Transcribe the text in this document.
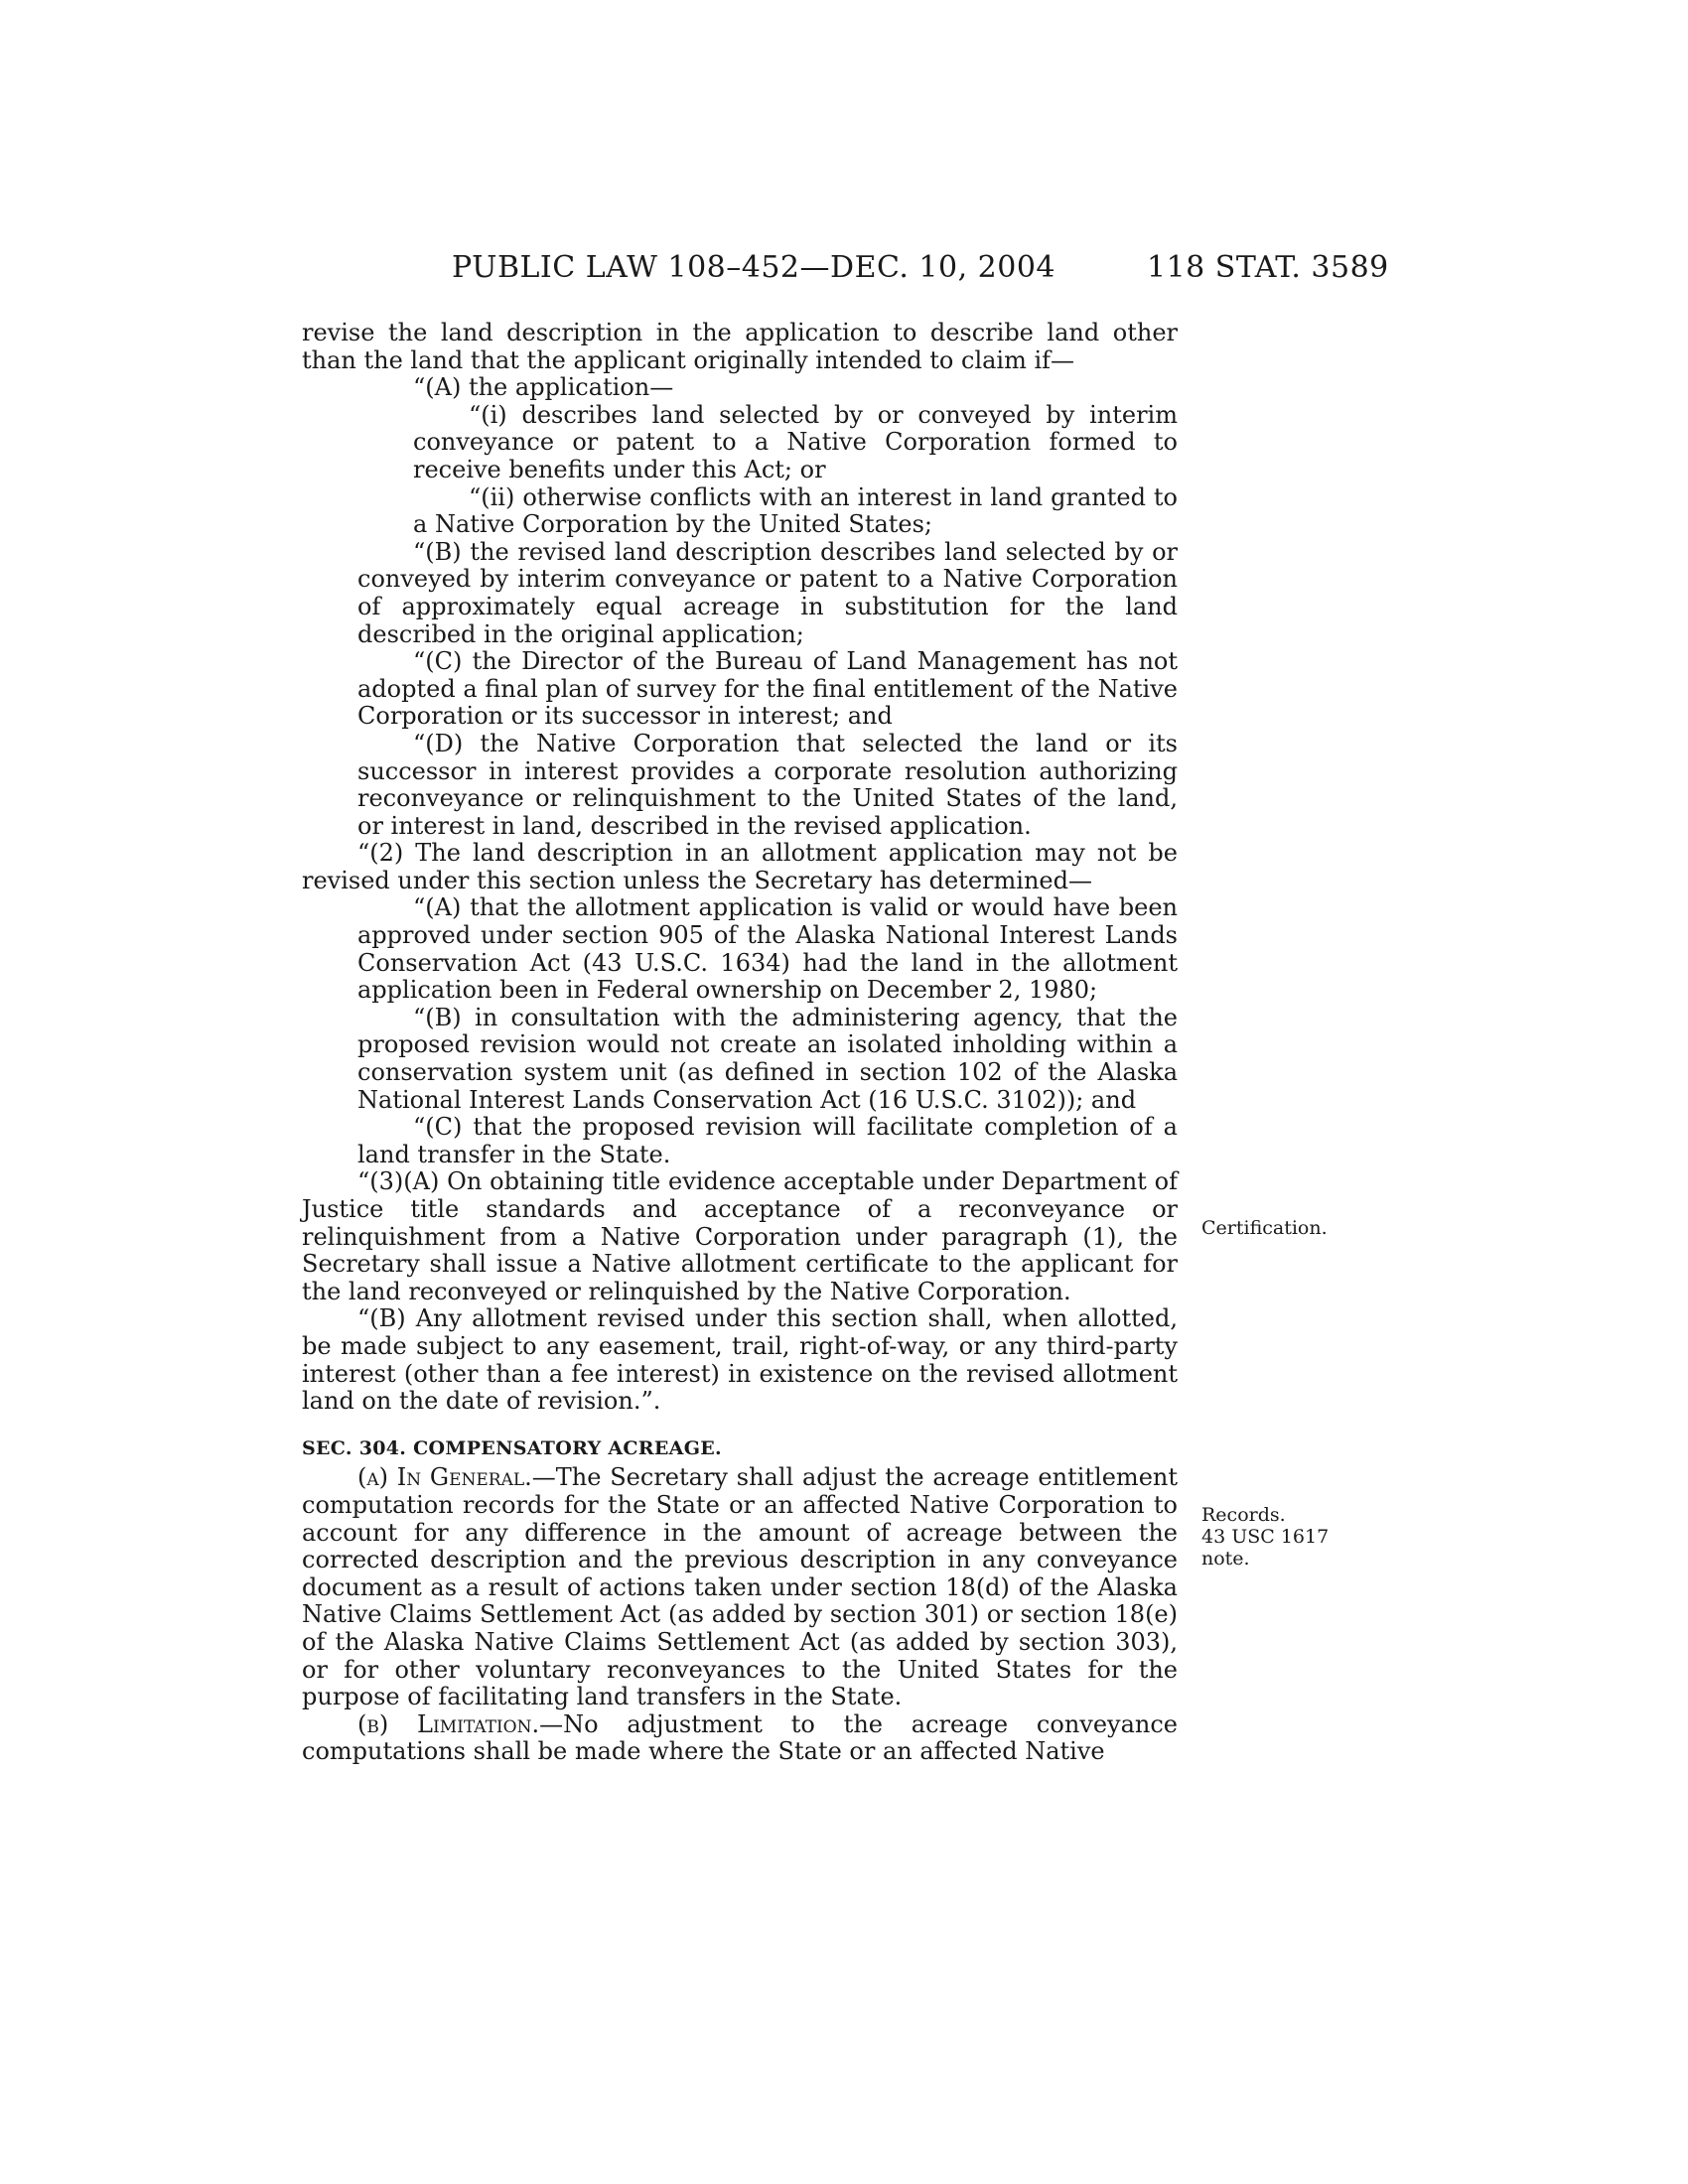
PUBLIC LAW 108–452—DEC. 10, 2004	118 STAT. 3589

revise the land description in the application to describe land other than the land that the applicant originally intended to claim if—

“(A) the application—

“(i) describes land selected by or conveyed by interim conveyance or patent to a Native Corporation formed to receive benefits under this Act; or

“(ii) otherwise conflicts with an interest in land granted to a Native Corporation by the United States;

“(B) the revised land description describes land selected by or conveyed by interim conveyance or patent to a Native Corporation of approximately equal acreage in substitution for the land described in the original application;

“(C) the Director of the Bureau of Land Management has not adopted a final plan of survey for the final entitlement of the Native Corporation or its successor in interest; and

“(D) the Native Corporation that selected the land or its successor in interest provides a corporate resolution authorizing reconveyance or relinquishment to the United States of the land, or interest in land, described in the revised application.

“(2) The land description in an allotment application may not be revised under this section unless the Secretary has determined—

“(A) that the allotment application is valid or would have been approved under section 905 of the Alaska National Interest Lands Conservation Act (43 U.S.C. 1634) had the land in the allotment application been in Federal ownership on December 2, 1980;

“(B) in consultation with the administering agency, that the proposed revision would not create an isolated inholding within a conservation system unit (as defined in section 102 of the Alaska National Interest Lands Conservation Act (16 U.S.C. 3102)); and

“(C) that the proposed revision will facilitate completion of a land transfer in the State.

“(3)(A) On obtaining title evidence acceptable under Department of Justice title standards and acceptance of a reconveyance or relinquishment from a Native Corporation under paragraph (1), the Secretary shall issue a Native allotment certificate to the applicant for the land reconveyed or relinquished by the Native Corporation.

“(B) Any allotment revised under this section shall, when allotted, be made subject to any easement, trail, right-of-way, or any third-party interest (other than a fee interest) in existence on the revised allotment land on the date of revision.”.

SEC. 304. COMPENSATORY ACREAGE.

(a) In General.—The Secretary shall adjust the acreage entitlement computation records for the State or an affected Native Corporation to account for any difference in the amount of acreage between the corrected description and the previous description in any conveyance document as a result of actions taken under section 18(d) of the Alaska Native Claims Settlement Act (as added by section 301) or section 18(e) of the Alaska Native Claims Settlement Act (as added by section 303), or for other voluntary reconveyances to the United States for the purpose of facilitating land transfers in the State.

(b) Limitation.—No adjustment to the acreage conveyance computations shall be made where the State or an affected Native

Certification.
Records.
43 USC 1617
note.
